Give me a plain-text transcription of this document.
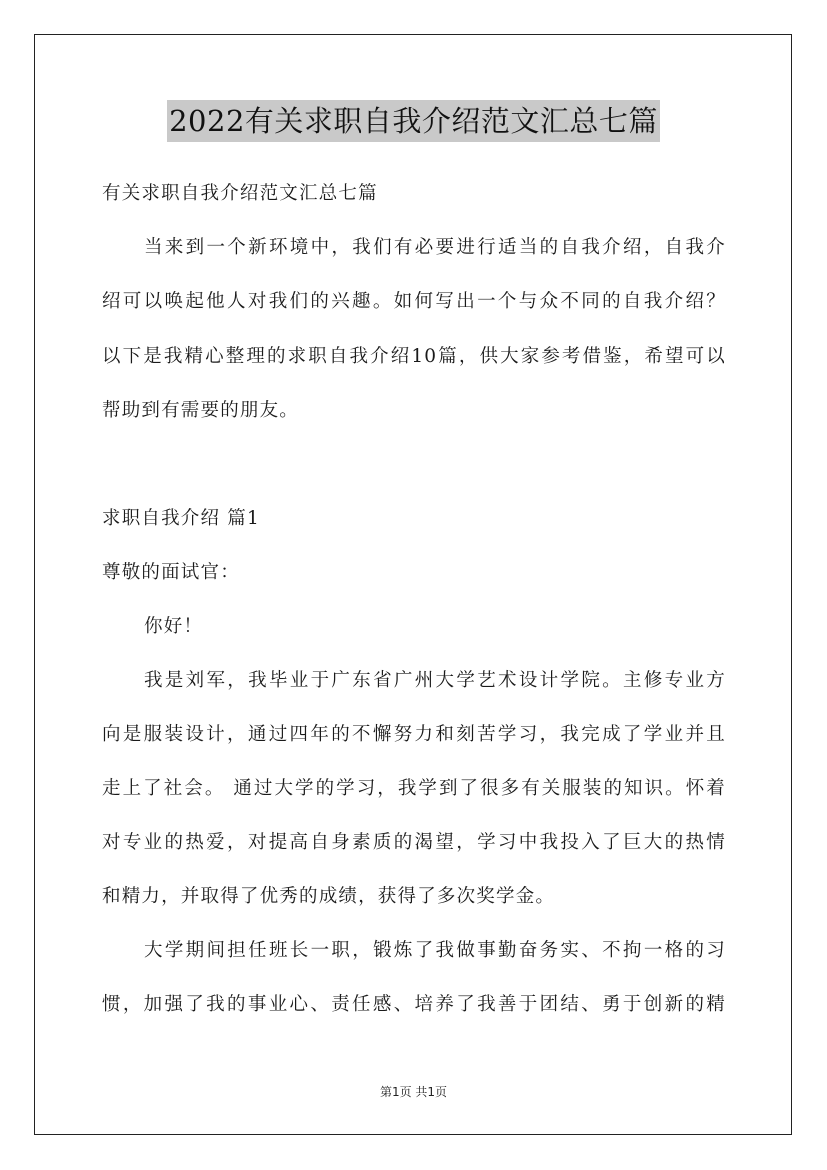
2022有关求职自我介绍范文汇总七篇
有关求职自我介绍范文汇总七篇
当来到一个新环境中，我们有必要进行适当的自我介绍，自我介
绍可以唤起他人对我们的兴趣。如何写出一个与众不同的自我介绍？
以下是我精心整理的求职自我介绍10篇，供大家参考借鉴，希望可以
帮助到有需要的朋友。
求职自我介绍 篇1
尊敬的面试官：
你好！
我是刘军，我毕业于广东省广州大学艺术设计学院。主修专业方
向是服装设计，通过四年的不懈努力和刻苦学习，我完成了学业并且
走上了社会。 通过大学的学习，我学到了很多有关服装的知识。怀着
对专业的热爱，对提高自身素质的渴望，学习中我投入了巨大的热情
和精力，并取得了优秀的成绩，获得了多次奖学金。
大学期间担任班长一职，锻炼了我做事勤奋务实、不拘一格的习
惯，加强了我的事业心、责任感、培养了我善于团结、勇于创新的精
第1页 共1页
